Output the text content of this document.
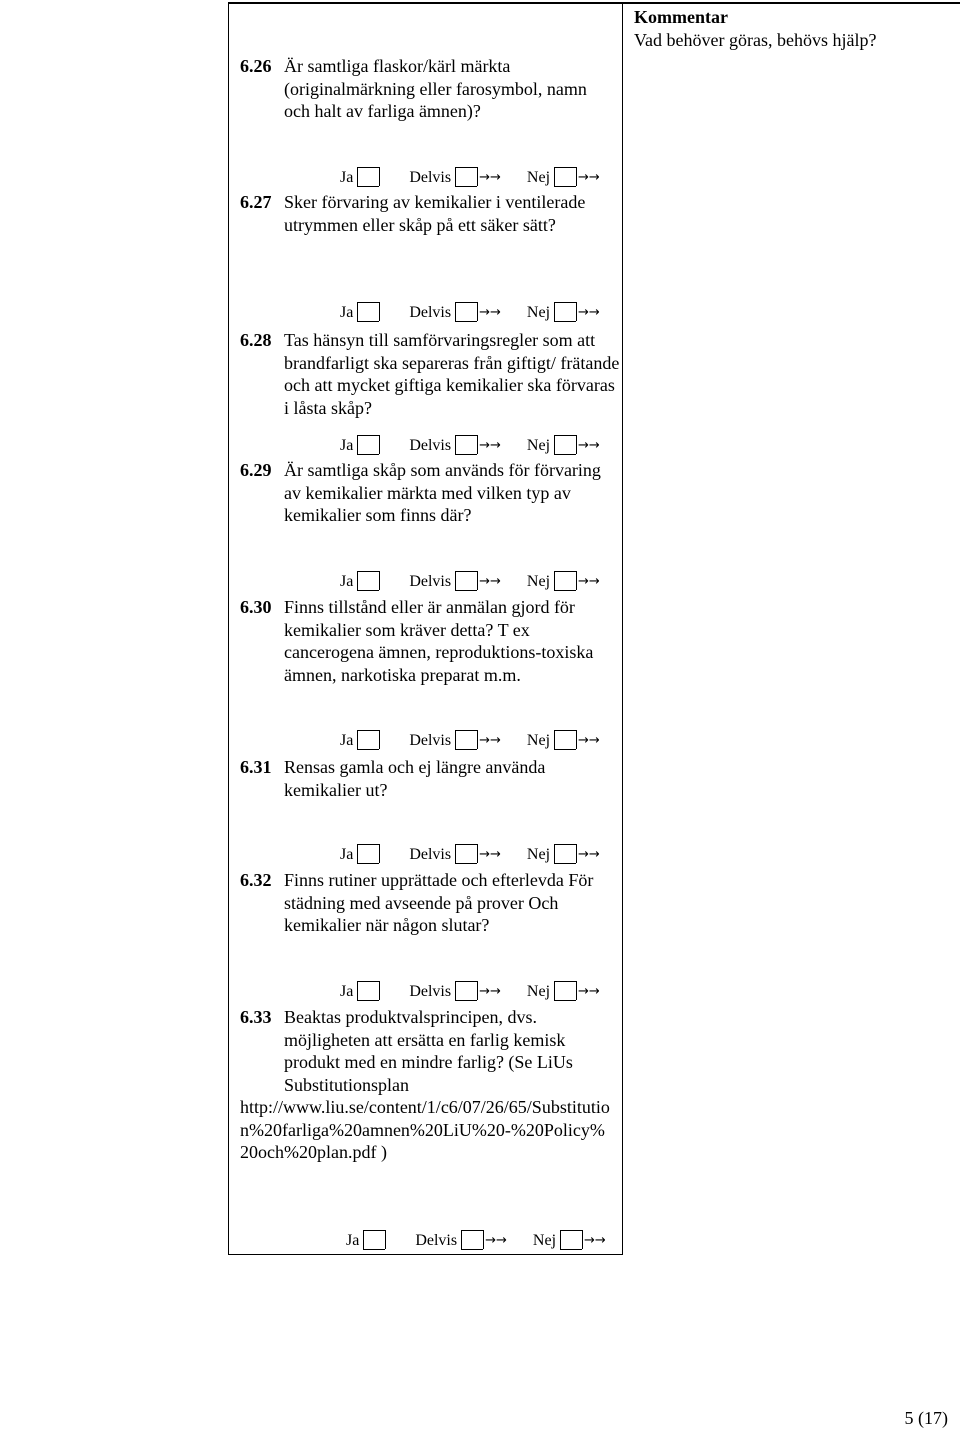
Kommentar
Vad behöver göras, behövs hjälp?
6.26 Är samtliga flaskor/kärl märkta (originalmärkning eller farosymbol, namn och halt av farliga ämnen)?
Ja	Delvis →→ Nej →→
6.27 Sker förvaring av kemikalier i ventilerade utrymmen eller skåp på ett säker sätt?
Ja	Delvis →→ Nej →→
6.28 Tas hänsyn till samförvaringsregler som att brandfarligt ska separeras från giftigt/ frätande och att mycket giftiga kemikalier ska förvaras i låsta skåp?
Ja	Delvis →→ Nej →→
6.29 Är samtliga skåp som används för förvaring av kemikalier märkta med vilken typ av kemikalier som finns där?
Ja	Delvis →→ Nej →→
6.30 Finns tillstånd eller är anmälan gjord för kemikalier som kräver detta? T ex cancerogena ämnen, reproduktions-toxiska ämnen, narkotiska preparat m.m.
Ja	Delvis →→ Nej →→
6.31 Rensas gamla och ej längre använda kemikalier ut?
Ja	Delvis →→ Nej →→
6.32 Finns rutiner upprättade och efterlevda För städning med avseende på prover Och kemikalier när någon slutar?
Ja	Delvis →→ Nej →→
6.33 Beaktas produktvalsprincipen, dvs. möjligheten att ersätta en farlig kemisk produkt med en mindre farlig? (Se LiUs Substitutionsplan
http://www.liu.se/content/1/c6/07/26/65/Substitution%20farliga%20amnen%20LiU%20-%20Policy%20och%20plan.pdf )
Ja	Delvis →→ Nej →→
5 (17)
